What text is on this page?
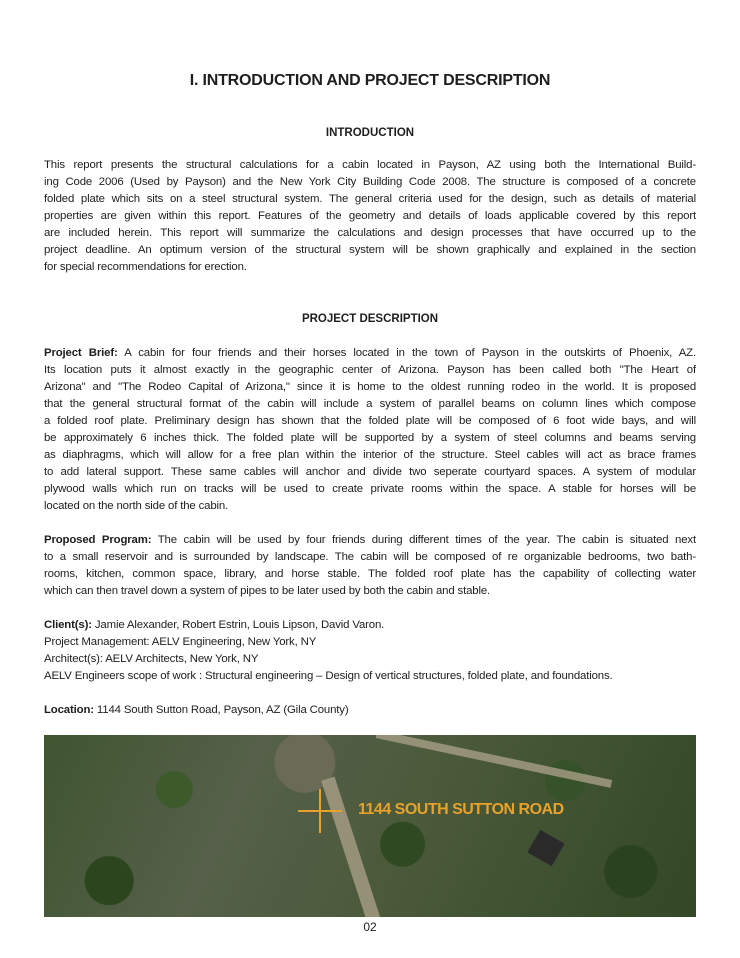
I. INTRODUCTION AND PROJECT DESCRIPTION
INTRODUCTION
This report presents the structural calculations for a cabin located in Payson, AZ using both the International Build-
ing Code 2006 (Used by Payson) and the New York City Building Code 2008. The structure is composed of a concrete
folded plate which sits on a steel structural system. The general criteria used for the design, such as details of material
properties are given within this report. Features of the geometry and details of loads applicable covered by this report
are included herein. This report will summarize the calculations and design processes that have occurred up to the
project deadline. An optimum version of the structural system will be shown graphically and explained in the section
for special recommendations for erection.
PROJECT DESCRIPTION
Project Brief: A cabin for four friends and their horses located in the town of Payson in the outskirts of Phoenix, AZ.
Its location puts it almost exactly in the geographic center of Arizona. Payson has been called both "The Heart of
Arizona" and "The Rodeo Capital of Arizona," since it is home to the oldest running rodeo in the world. It is proposed
that the general structural format of the cabin will include a system of parallel beams on column lines which compose
a folded roof plate. Preliminary design has shown that the folded plate will be composed of 6 foot wide bays, and will
be approximately 6 inches thick. The folded plate will be supported by a system of steel columns and beams serving
as diaphragms, which will allow for a free plan within the interior of the structure. Steel cables will act as brace frames
to add lateral support. These same cables will anchor and divide two seperate courtyard spaces. A system of modular
plywood walls which run on tracks will be used to create private rooms within the space. A stable for horses will be
located on the north side of the cabin.
Proposed Program: The cabin will be used by four friends during different times of the year. The cabin is situated next
to a small reservoir and is surrounded by landscape. The cabin will be composed of re organizable bedrooms, two bath-
rooms, kitchen, common space, library, and horse stable. The folded roof plate has the capability of collecting water
which can then travel down a system of pipes to be later used by both the cabin and stable.
Client(s): Jamie Alexander, Robert Estrin, Louis Lipson, David Varon.
Project Management: AELV Engineering, New York, NY
Architect(s): AELV Architects, New York, NY
AELV Engineers scope of work : Structural engineering – Design of vertical structures, folded plate, and foundations.
Location: 1144 South Sutton Road, Payson, AZ (Gila County)
1144 SOUTH SUTTON ROAD
02
